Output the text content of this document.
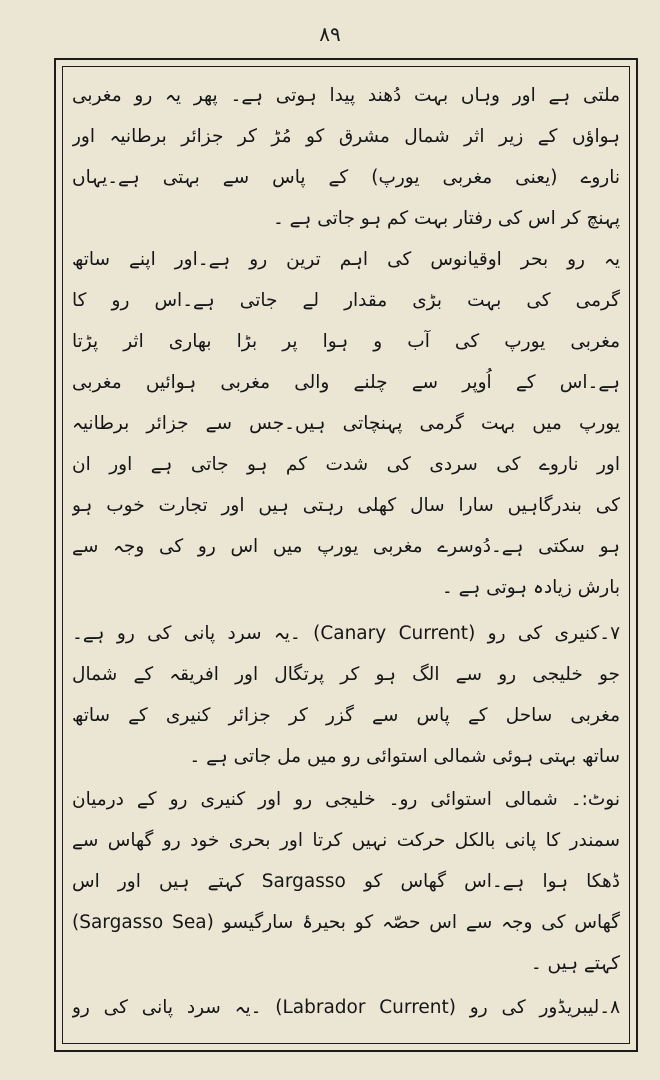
۸۹
ملتی ہے اور وہاں بہت دُھند پیدا ہوتی ہے۔ پھر یہ رو مغربی
ہواؤں کے زیر اثر شمال مشرق کو مُڑ کر جزائر برطانیہ اور
ناروے (یعنی مغربی یورپ) کے پاس سے بہتی ہے۔یہاں
پہنچ کر اس کی رفتار بہت کم ہو جاتی ہے ۔
یہ رو بحر اوقیانوس کی اہم ترین رو ہے۔اور اپنے ساتھ
گرمی کی بہت بڑی مقدار لے جاتی ہے۔اس رو کا
مغربی یورپ کی آب و ہوا پر بڑا بھاری اثر پڑتا
ہے۔اس کے اُوپر سے چلنے والی مغربی ہوائیں مغربی
یورپ میں بہت گرمی پہنچاتی ہیں۔جس سے جزائر برطانیہ
اور ناروے کی سردی کی شدت کم ہو جاتی ہے اور ان
کی بندرگاہیں سارا سال کھلی رہتی ہیں اور تجارت خوب ہو
ہو سکتی ہے۔دُوسرے مغربی یورپ میں اس رو کی وجہ سے
بارش زیادہ ہوتی ہے ۔
۷۔کنیری کی رو (Canary Current) ۔یہ سرد پانی کی رو ہے۔
جو خلیجی رو سے الگ ہو کر پرتگال اور افریقہ کے شمال
مغربی ساحل کے پاس سے گزر کر جزائر کنیری کے ساتھ
ساتھ بہتی ہوئی شمالی استوائی رو میں مل جاتی ہے ۔
نوٹ:۔ شمالی استوائی رو۔ خلیجی رو اور کنیری رو کے درمیان
سمندر کا پانی بالکل حرکت نہیں کرتا اور بحری خود رو گھاس سے
ڈھکا ہوا ہے۔اس گھاس کو Sargasso کہتے ہیں اور اس
گھاس کی وجہ سے اس حصّہ کو بحیرۂ سارگیسو (Sargasso Sea)
کہتے ہیں ۔
۸۔لیبریڈور کی رو (Labrador Current) ۔یہ سرد پانی کی رو
